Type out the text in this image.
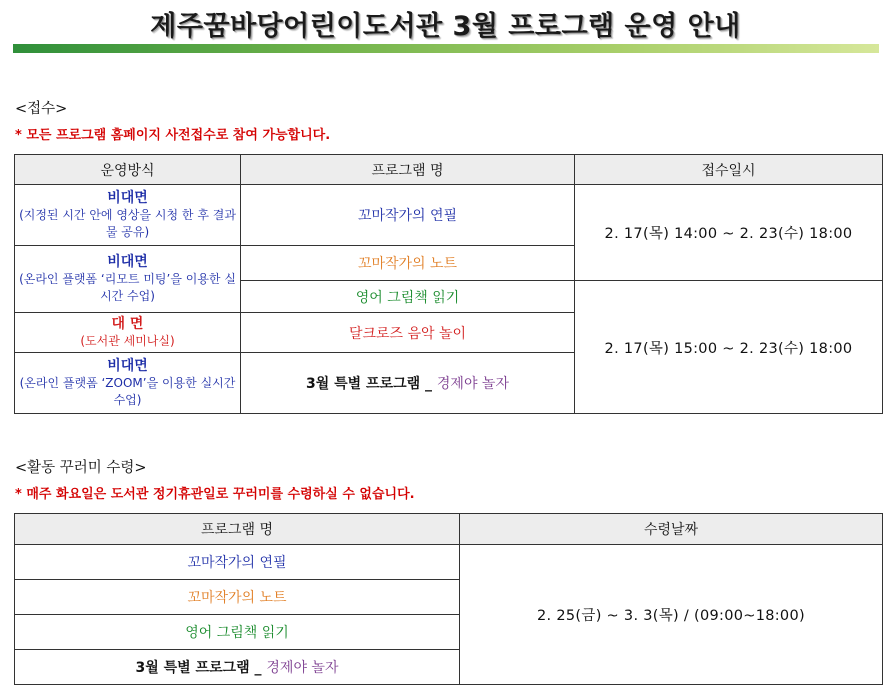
제주꿈바당어린이도서관 3월 프로그램 운영 안내
<접수>
* 모든 프로그램 홈페이지 사전접수로 참여 가능합니다.
운영방식	프로그램 명	접수일시

비대면
(지정된 시간 안에 영상을 시청 한 후 결과물 공유)	꼬마작가의 연필	2. 17(목) 14:00 ~ 2. 23(수) 18:00

비대면
(온라인 플랫폼 ‘리모트 미팅’을 이용한 실시간 수업)	꼬마작가의 노트	
	영어 그림책 읽기	2. 17(목) 15:00 ~ 2. 23(수) 18:00

대 면
(도서관 세미나실)	달크로즈 음악 놀이	

비대면
(온라인 플랫폼 ‘ZOOM’을 이용한 실시간 수업)	3월 특별 프로그램 _ 경제야 놀자	
<활동 꾸러미 수령>
* 매주 화요일은 도서관 정기휴관일로 꾸러미를 수령하실 수 없습니다.
프로그램 명	수령날짜
꼬마작가의 연필	2. 25(금) ~ 3. 3(목) / (09:00~18:00)
꼬마작가의 노트	
영어 그림책 읽기	
3월 특별 프로그램 _ 경제야 놀자	
